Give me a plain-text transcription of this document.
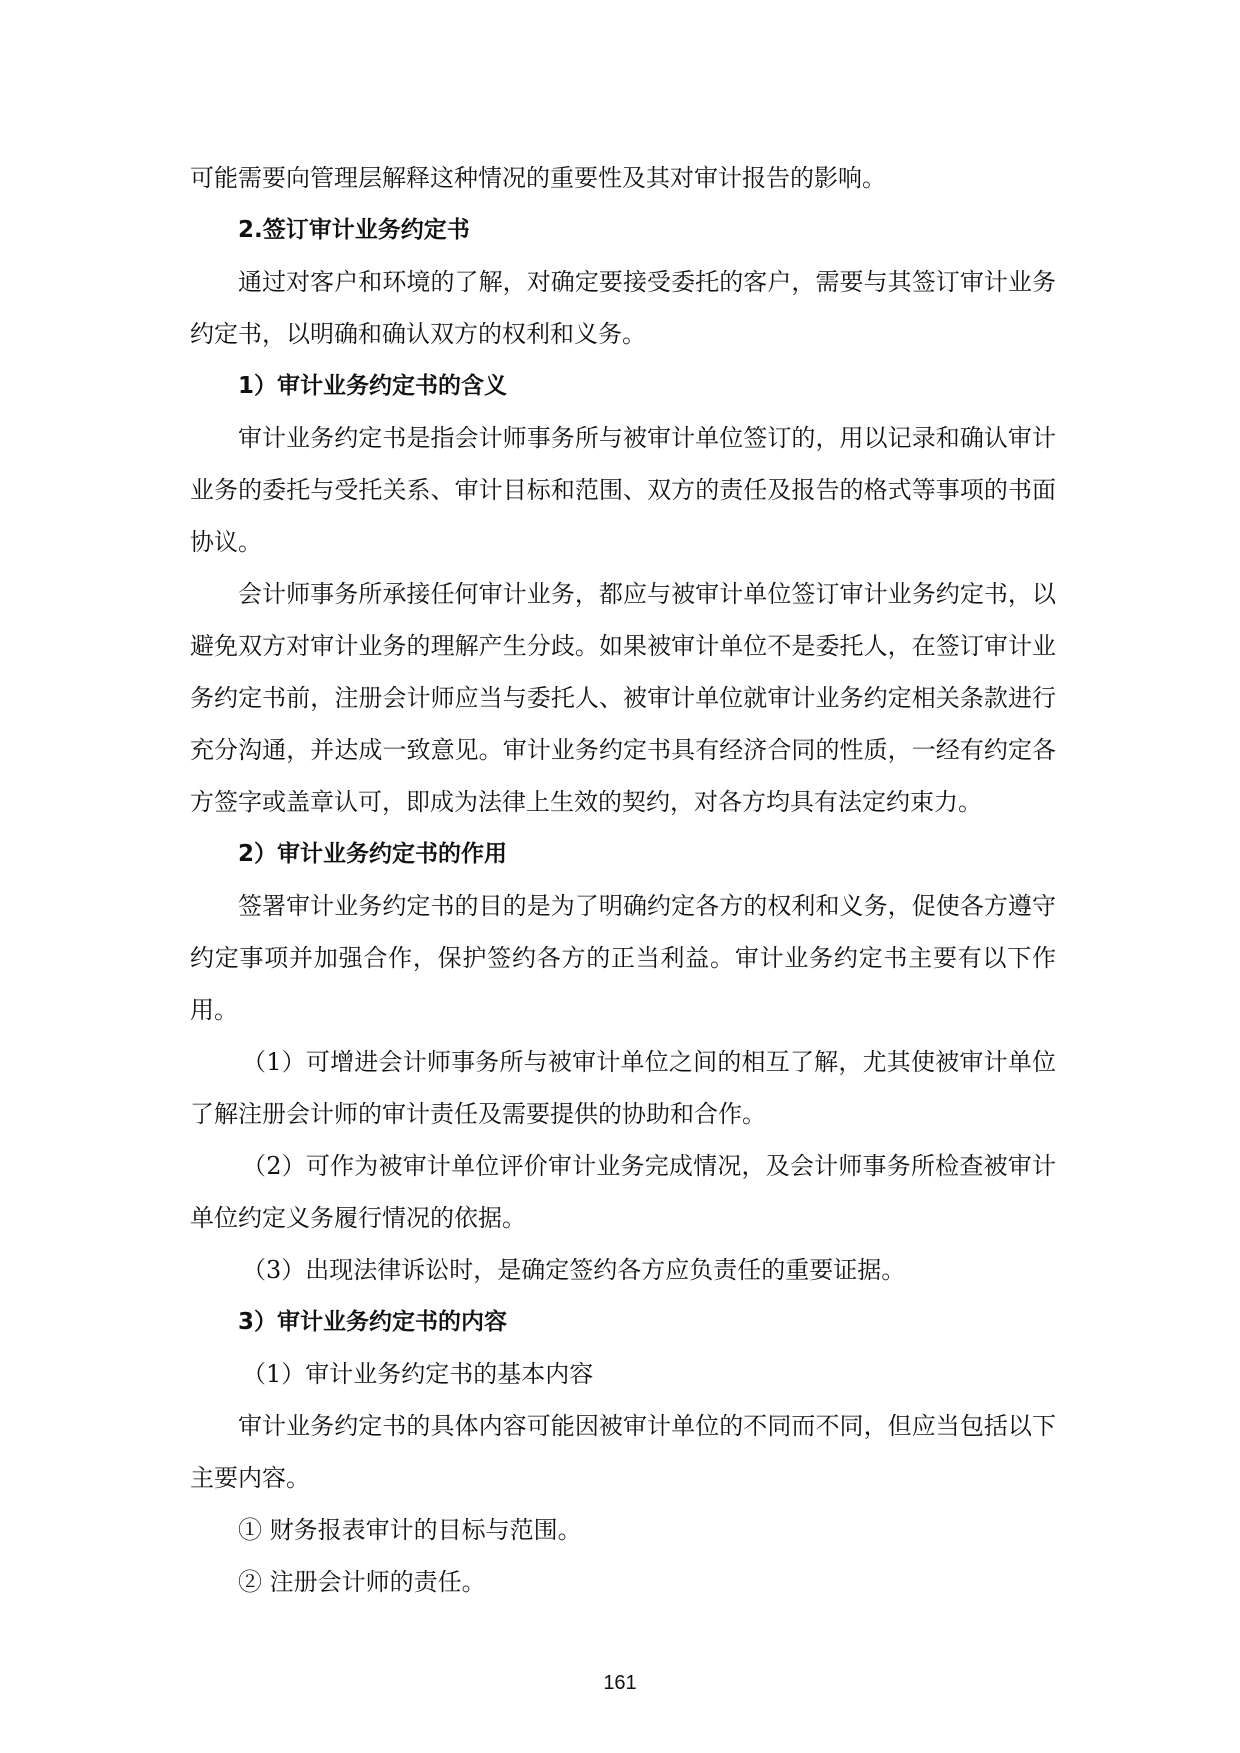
可能需要向管理层解释这种情况的重要性及其对审计报告的影响。

2.签订审计业务约定书

通过对客户和环境的了解，对确定要接受委托的客户，需要与其签订审计业务约定书，以明确和确认双方的权利和义务。

1）审计业务约定书的含义

审计业务约定书是指会计师事务所与被审计单位签订的，用以记录和确认审计业务的委托与受托关系、审计目标和范围、双方的责任及报告的格式等事项的书面协议。

会计师事务所承接任何审计业务，都应与被审计单位签订审计业务约定书，以避免双方对审计业务的理解产生分歧。如果被审计单位不是委托人，在签订审计业务约定书前，注册会计师应当与委托人、被审计单位就审计业务约定相关条款进行充分沟通，并达成一致意见。审计业务约定书具有经济合同的性质，一经有约定各方签字或盖章认可，即成为法律上生效的契约，对各方均具有法定约束力。

2）审计业务约定书的作用

签署审计业务约定书的目的是为了明确约定各方的权利和义务，促使各方遵守约定事项并加强合作，保护签约各方的正当利益。审计业务约定书主要有以下作用。

（1）可增进会计师事务所与被审计单位之间的相互了解，尤其使被审计单位了解注册会计师的审计责任及需要提供的协助和合作。

（2）可作为被审计单位评价审计业务完成情况，及会计师事务所检查被审计单位约定义务履行情况的依据。

（3）出现法律诉讼时，是确定签约各方应负责任的重要证据。

3）审计业务约定书的内容

（1）审计业务约定书的基本内容

审计业务约定书的具体内容可能因被审计单位的不同而不同，但应当包括以下主要内容。

① 财务报表审计的目标与范围。

② 注册会计师的责任。

161
